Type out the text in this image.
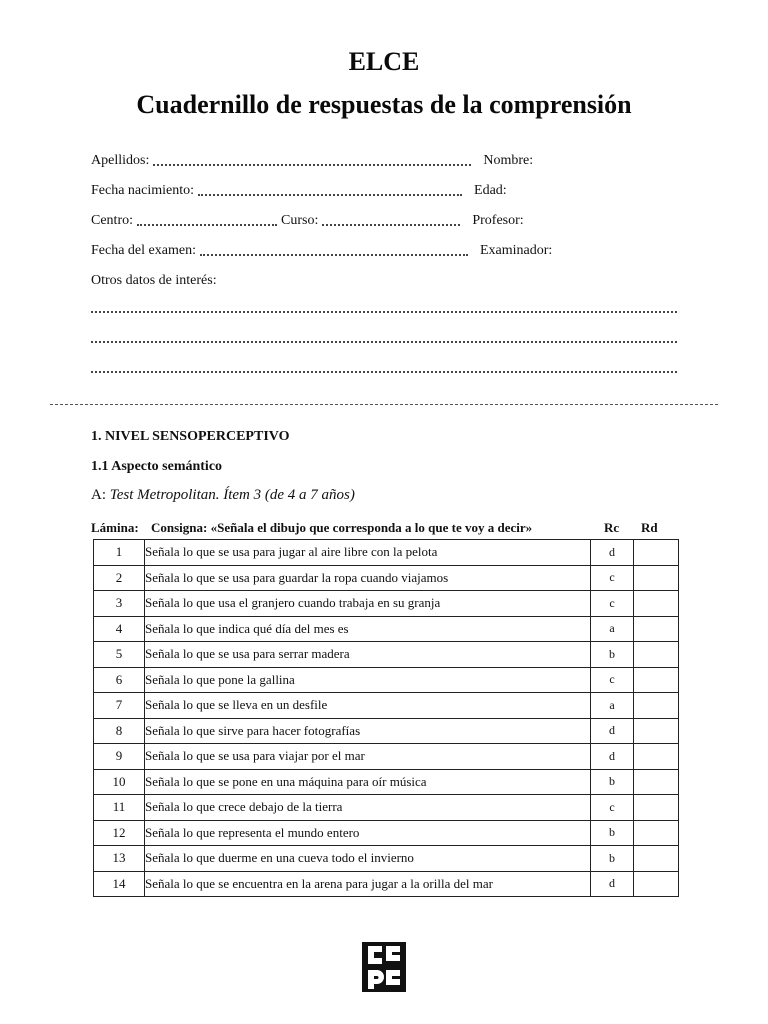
ELCE
Cuadernillo de respuestas de la comprensión
Apellidos:	Nombre:
Fecha nacimiento:	Edad:
Centro:	Curso:	Profesor:
Fecha del examen:	Examinador:
Otros datos de interés:
1. NIVEL SENSOPERCEPTIVO
1.1 Aspecto semántico
A: Test Metropolitan. Ítem 3 (de 4 a 7 años)
Lámina: Consigna: «Señala el dibujo que corresponda a lo que te voy a decir»	Rc Rd
1	Señala lo que se usa para jugar al aire libre con la pelota	d	
2	Señala lo que se usa para guardar la ropa cuando viajamos	c	
3	Señala lo que usa el granjero cuando trabaja en su granja	c	
4	Señala lo que indica qué día del mes es	a	
5	Señala lo que se usa para serrar madera	b	
6	Señala lo que pone la gallina	c	
7	Señala lo que se lleva en un desfile	a	
8	Señala lo que sirve para hacer fotografías	d	
9	Señala lo que se usa para viajar por el mar	d	
10	Señala lo que se pone en una máquina para oír música	b	
11	Señala lo que crece debajo de la tierra	c	
12	Señala lo que representa el mundo entero	b	
13	Señala lo que duerme en una cueva todo el invierno	b	
14	Señala lo que se encuentra en la arena para jugar a la orilla del mar	d	
